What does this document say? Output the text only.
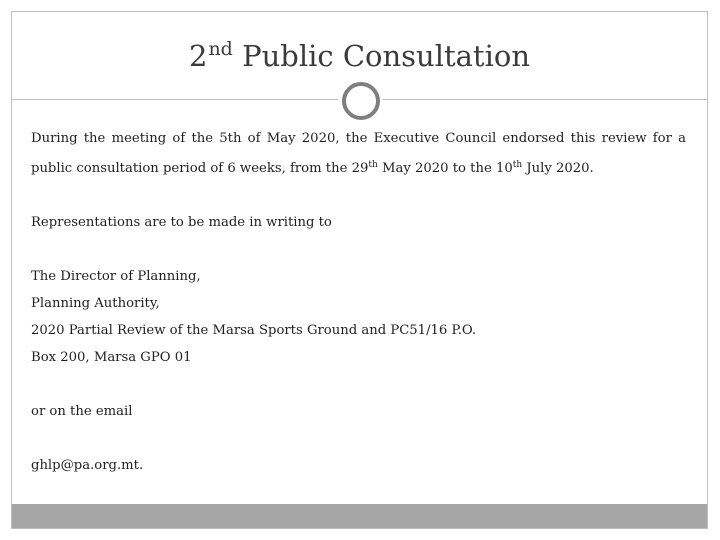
2nd Public Consultation

During the meeting of the 5th of May 2020, the Executive Council endorsed this review for a public consultation period of 6 weeks, from the 29th May 2020 to the 10th July 2020.

Representations are to be made in writing to

The Director of Planning,

Planning Authority,

2020 Partial Review of the Marsa Sports Ground and PC51/16 P.O.

Box 200, Marsa GPO 01

or on the email

ghlp@pa.org.mt.
